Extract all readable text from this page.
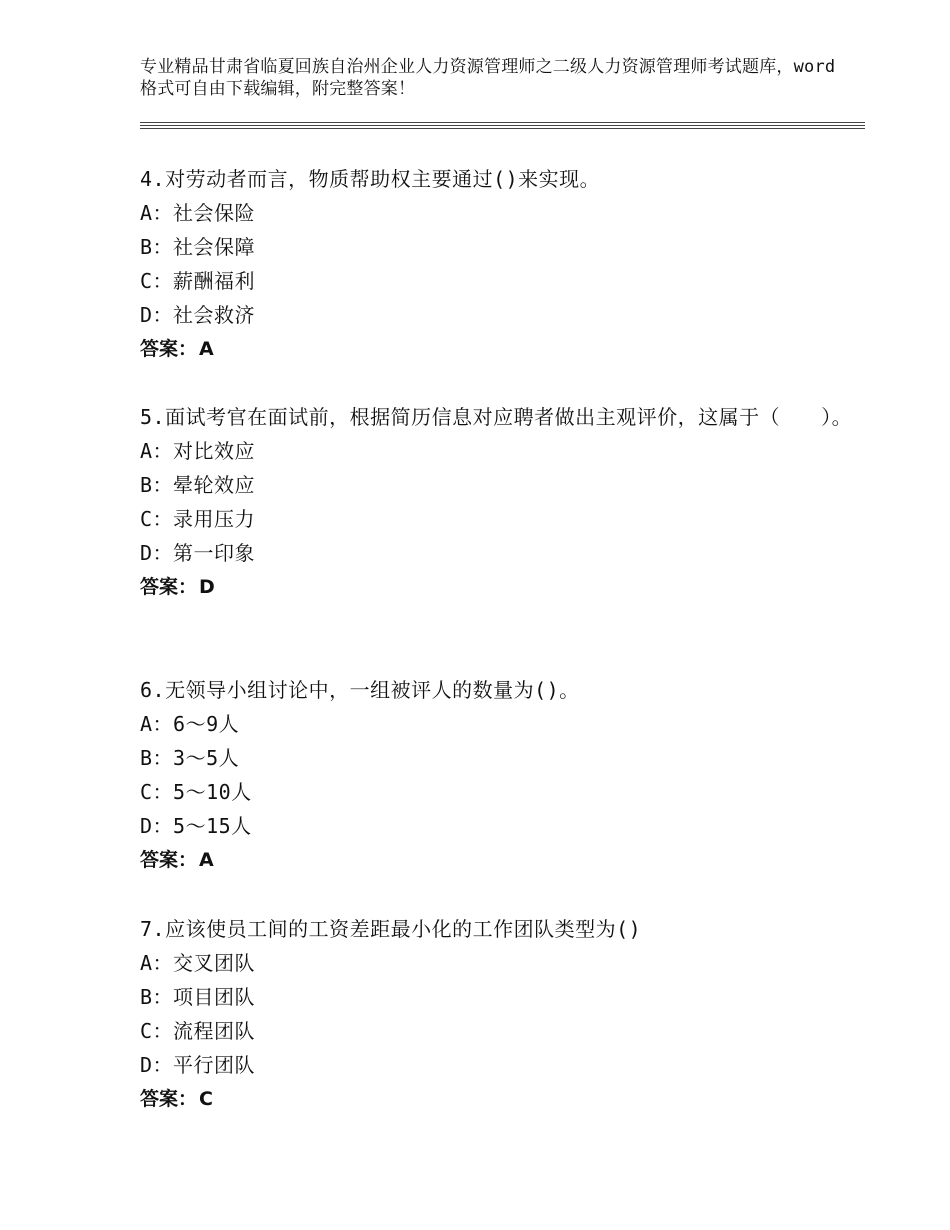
专业精品甘肃省临夏回族自治州企业人力资源管理师之二级人力资源管理师考试题库，word格式可自由下载编辑，附完整答案！
4.对劳动者而言，物质帮助权主要通过()来实现。
A：社会保险
B：社会保障
C：薪酬福利
D：社会救济
答案： A
5.面试考官在面试前，根据简历信息对应聘者做出主观评价，这属于（　　）。
A：对比效应
B：晕轮效应
C：录用压力
D：第一印象
答案： D
6.无领导小组讨论中，一组被评人的数量为()。
A：6～9人
B：3～5人
C：5～10人
D：5～15人
答案： A
7.应该使员工间的工资差距最小化的工作团队类型为()
A：交叉团队
B：项目团队
C：流程团队
D：平行团队
答案： C
